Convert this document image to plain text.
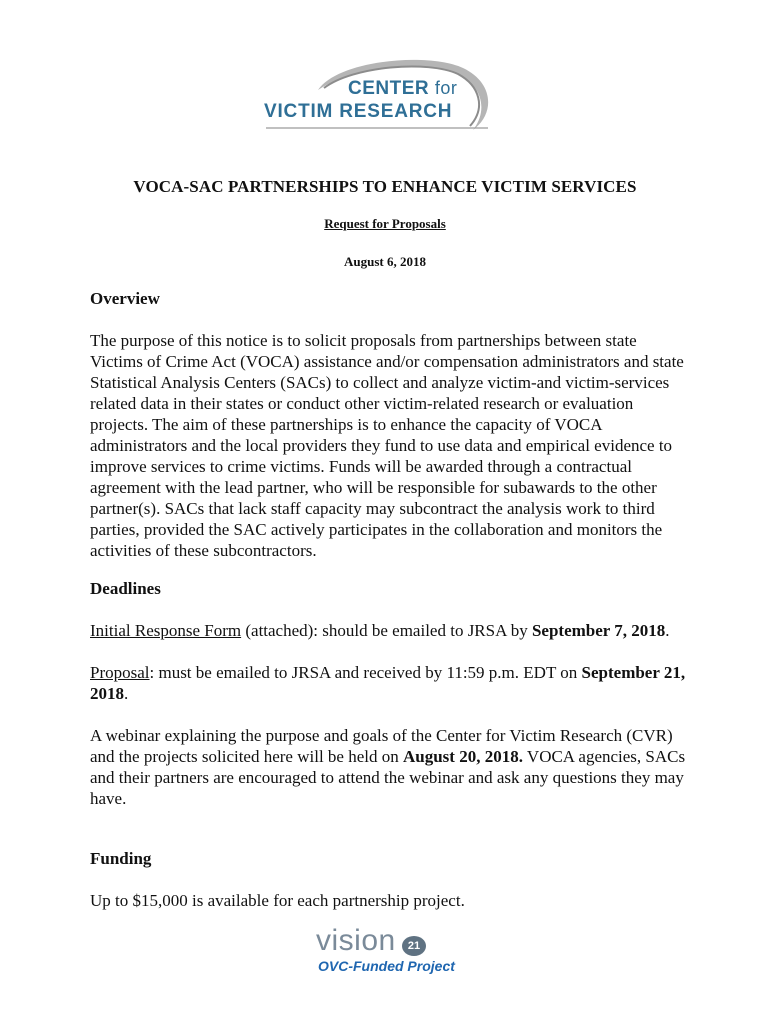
CENTER for
VICTIM RESEARCH
VOCA-SAC PARTNERSHIPS TO ENHANCE VICTIM SERVICES
Request for Proposals
August 6, 2018
Overview
The purpose of this notice is to solicit proposals from partnerships between state Victims of Crime Act (VOCA) assistance and/or compensation administrators and state Statistical Analysis Centers (SACs) to collect and analyze victim-and victim-services related data in their states or conduct other victim-related research or evaluation projects. The aim of these partnerships is to enhance the capacity of VOCA administrators and the local providers they fund to use data and empirical evidence to improve services to crime victims. Funds will be awarded through a contractual agreement with the lead partner, who will be responsible for subawards to the other partner(s). SACs that lack staff capacity may subcontract the analysis work to third parties, provided the SAC actively participates in the collaboration and monitors the activities of these subcontractors.
Deadlines
Initial Response Form (attached): should be emailed to JRSA by September 7, 2018.
Proposal: must be emailed to JRSA and received by 11:59 p.m. EDT on September 21, 2018.
A webinar explaining the purpose and goals of the Center for Victim Research (CVR) and the projects solicited here will be held on August 20, 2018. VOCA agencies, SACs and their partners are encouraged to attend the webinar and ask any questions they may have.
Funding
Up to $15,000 is available for each partnership project.
vision	21
OVC-Funded Project
